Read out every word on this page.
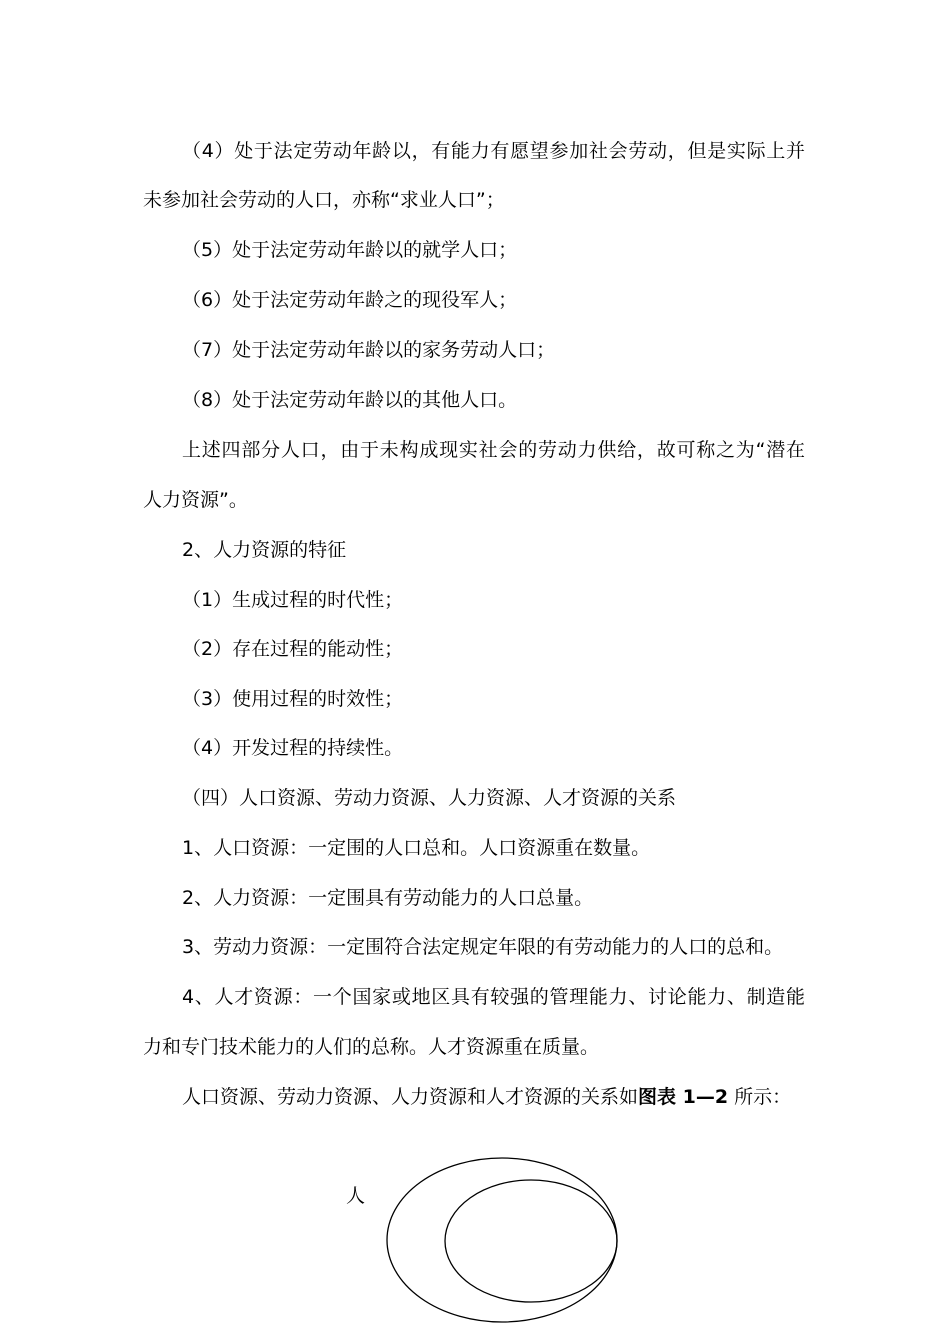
（4）处于法定劳动年龄以，有能力有愿望参加社会劳动，但是实际上并
未参加社会劳动的人口，亦称“求业人口”；
（5）处于法定劳动年龄以的就学人口；
（6）处于法定劳动年龄之的现役军人；
（7）处于法定劳动年龄以的家务劳动人口；
（8）处于法定劳动年龄以的其他人口。
上述四部分人口，由于未构成现实社会的劳动力供给，故可称之为“潜在
人力资源”。
2、人力资源的特征
（1）生成过程的时代性；
（2）存在过程的能动性；
（3）使用过程的时效性；
（4）开发过程的持续性。
（四）人口资源、劳动力资源、人力资源、人才资源的关系
1、人口资源：一定围的人口总和。人口资源重在数量。
2、人力资源：一定围具有劳动能力的人口总量。
3、劳动力资源：一定围符合法定规定年限的有劳动能力的人口的总和。
4、人才资源：一个国家或地区具有较强的管理能力、讨论能力、制造能
力和专门技术能力的人们的总称。人才资源重在质量。
人口资源、劳动力资源、人力资源和人才资源的关系如图表 1—2 所示：
人
